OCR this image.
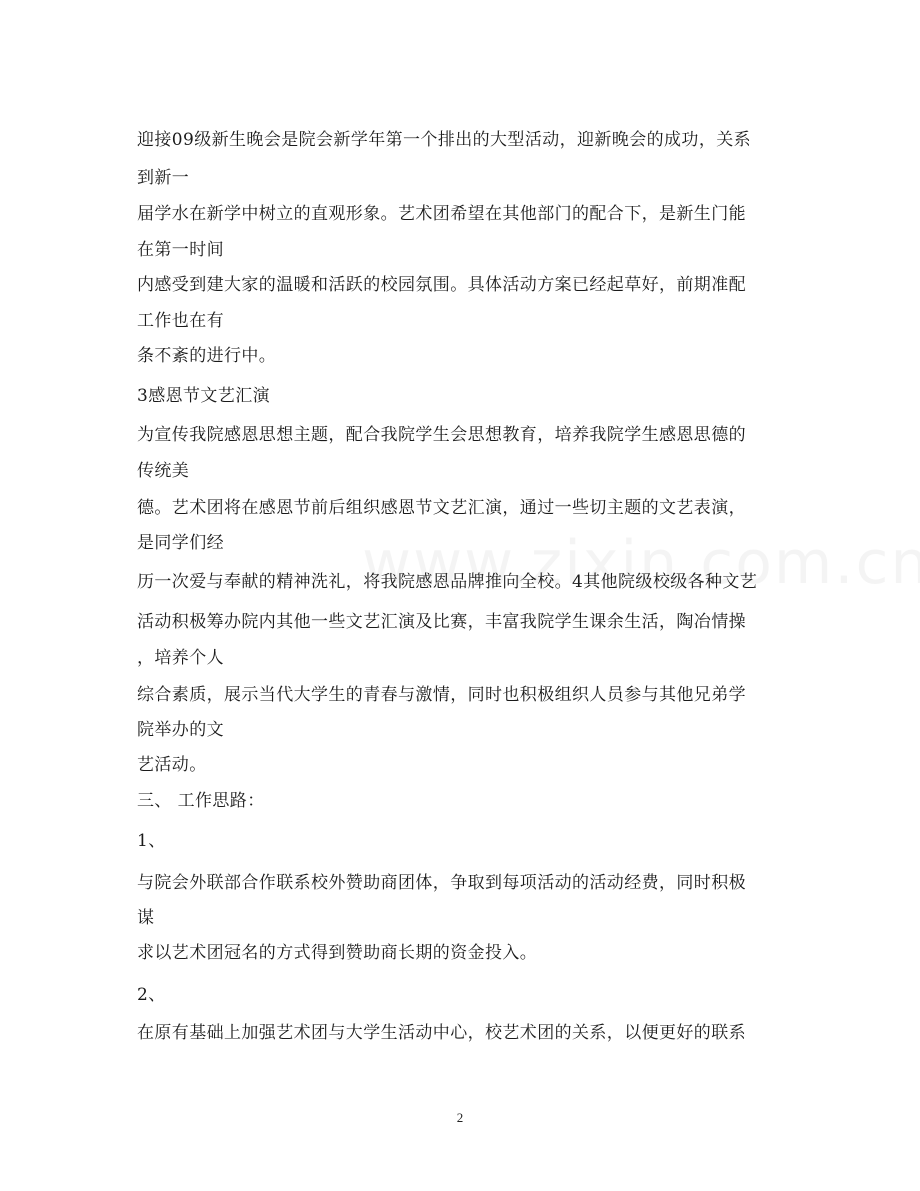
迎接09级新生晚会是院会新学年第一个排出的大型活动，迎新晚会的成功，关系
到新一
届学水在新学中树立的直观形象。艺术团希望在其他部门的配合下，是新生门能
在第一时间
内感受到建大家的温暖和活跃的校园氛围。具体活动方案已经起草好，前期准配
工作也在有
条不紊的进行中。
3感恩节文艺汇演
为宣传我院感恩思想主题，配合我院学生会思想教育，培养我院学生感恩思德的
传统美
德。艺术团将在感恩节前后组织感恩节文艺汇演，通过一些切主题的文艺表演，
是同学们经
历一次爱与奉献的精神洗礼，将我院感恩品牌推向全校。4其他院级校级各种文艺
活动积极筹办院内其他一些文艺汇演及比赛，丰富我院学生课余生活，陶冶情操
，培养个人
综合素质，展示当代大学生的青春与激情，同时也积极组织人员参与其他兄弟学
院举办的文
艺活动。
三、 工作思路：
1、
与院会外联部合作联系校外赞助商团体，争取到每项活动的活动经费，同时积极
谋
求以艺术团冠名的方式得到赞助商长期的资金投入。
2、
在原有基础上加强艺术团与大学生活动中心，校艺术团的关系，以便更好的联系
2
